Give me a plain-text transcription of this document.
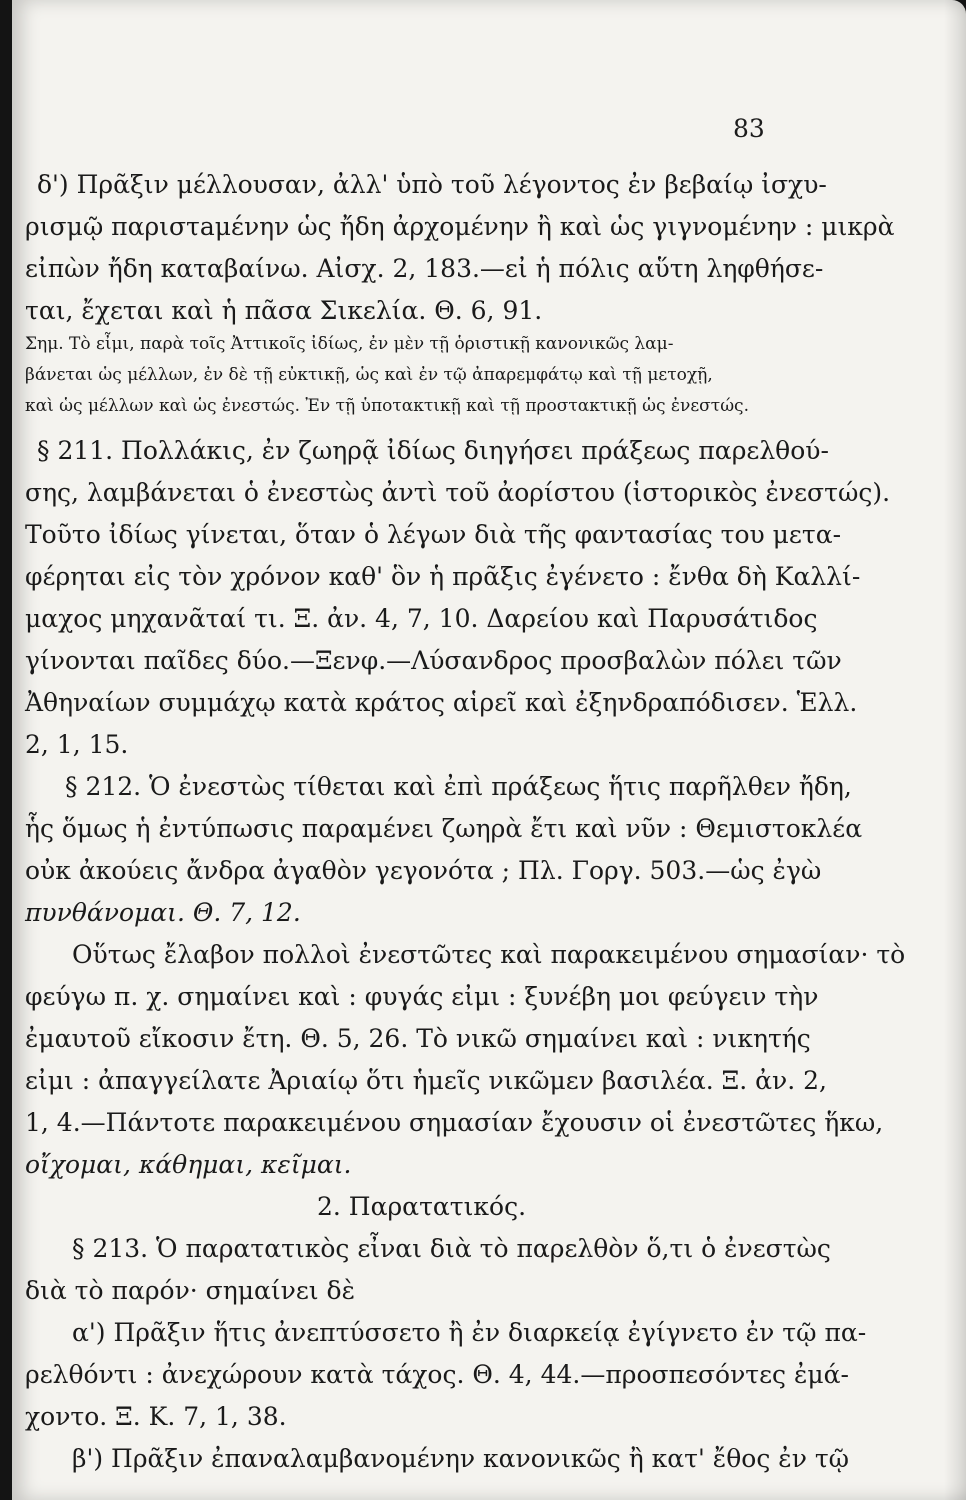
83
δ') Πρᾶξιν μέλλουσαν, ἀλλ' ὑπὸ τοῦ λέγοντος ἐν βεβαίῳ ἰσχυ-
ρισμῷ παριστaμένην ὡς ἤδη ἀρχομένην ἢ καὶ ὡς γιγνομένην : μικρὰ
εἰπὼν ἤδη καταβαίνω. Αἰσχ. 2, 183.—εἰ ἡ πόλις αὕτη ληφθήσε-
ται, ἔχεται καὶ ἡ πᾶσα Σικελία. Θ. 6, 91.
Σημ. Τὸ εἶμι, παρὰ τοῖς Ἀττικοῖς ἰδίως, ἐν μὲν τῇ ὁριστικῇ κανονικῶς λαμ-
βάνεται ὡς μέλλων, ἐν δὲ τῇ εὐκτικῇ, ὡς καὶ ἐν τῷ ἀπαρεμφάτῳ καὶ τῇ μετοχῇ,
καὶ ὡς μέλλων καὶ ὡς ἐνεστώς. Ἐν τῇ ὑποτακτικῇ καὶ τῇ προστακτικῇ ὡς ἐνεστώς.
§ 211. Πολλάκις, ἐν ζωηρᾷ ἰδίως διηγήσει πράξεως παρελθού-
σης, λαμβάνεται ὁ ἐνεστὼς ἀντὶ τοῦ ἀορίστου (ἱστορικὸς ἐνεστώς).
Τοῦτο ἰδίως γίνεται, ὅταν ὁ λέγων διὰ τῆς φαντασίας του μετα-
φέρηται εἰς τὸν χρόνον καθ' ὃν ἡ πρᾶξις ἐγένετο : ἔνθα δὴ Καλλί-
μαχος μηχανᾶταί τι. Ξ. ἀν. 4, 7, 10. Δαρείου καὶ Παρυσάτιδος
γίνονται παῖδες δύο.—Ξενφ.—Λύσανδρος προσβαλὼν πόλει τῶν
Ἀθηναίων συμμάχῳ κατὰ κράτος αἱρεῖ καὶ ἐξηνδραπόδισεν. Ἑλλ.
2, 1, 15.
§ 212. Ὁ ἐνεστὼς τίθεται καὶ ἐπὶ πράξεως ἥτις παρῆλθεν ἤδη,
ἧς ὅμως ἡ ἐντύπωσις παραμένει ζωηρὰ ἔτι καὶ νῦν : Θεμιστοκλέα
οὐκ ἀκούεις ἄνδρα ἀγαθὸν γεγονότα ; Πλ. Γοργ. 503.—ὡς ἐγὼ
πυνθάνομαι. Θ. 7, 12.
Οὕτως ἔλαβον πολλοὶ ἐνεστῶτες καὶ παρακειμένου σημασίαν· τὸ
φεύγω π. χ. σημαίνει καὶ : φυγάς εἰμι : ξυνέβη μοι φεύγειν τὴν
ἐμαυτοῦ εἴκοσιν ἔτη. Θ. 5, 26. Τὸ νικῶ σημαίνει καὶ : νικητής
εἰμι : ἀπαγγείλατε Ἀριαίῳ ὅτι ἡμεῖς νικῶμεν βασιλέα. Ξ. ἀν. 2,
1, 4.—Πάντοτε παρακειμένου σημασίαν ἔχουσιν οἱ ἐνεστῶτες ἥκω,
οἴχομαι, κάθημαι, κεῖμαι.
2. Παρατατικός.
§ 213. Ὁ παρατατικὸς εἶναι διὰ τὸ παρελθὸν ὅ,τι ὁ ἐνεστὼς
διὰ τὸ παρόν· σημαίνει δὲ
α') Πρᾶξιν ἥτις ἀνεπτύσσετο ἢ ἐν διαρκείᾳ ἐγίγνετο ἐν τῷ πα-
ρελθόντι : ἀνεχώρουν κατὰ τάχος. Θ. 4, 44.—προσπεσόντες ἐμά-
χοντο. Ξ. Κ. 7, 1, 38.
β') Πρᾶξιν ἐπαναλαμβανομένην κανονικῶς ἢ κατ' ἔθος ἐν τῷ
